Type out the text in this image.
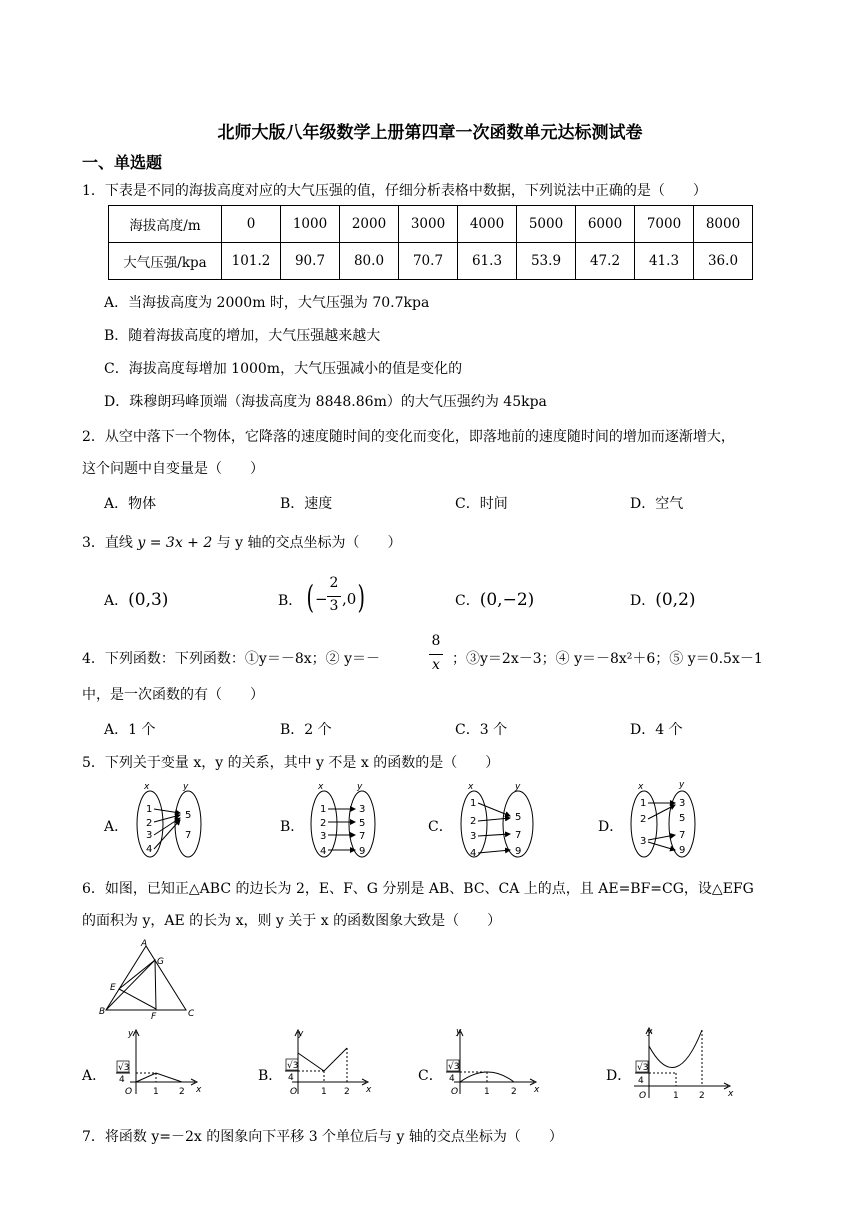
北师大版八年级数学上册第四章一次函数单元达标测试卷
一、单选题
1．下表是不同的海拔高度对应的大气压强的值，仔细分析表格中数据，下列说法中正确的是（　　）
海拔高度/m	0	1000	2000	3000	4000	5000	6000	7000	8000
大气压强/kpa	101.2	90.7	80.0	70.7	61.3	53.9	47.2	41.3	36.0
A．当海拔高度为 2000m 时，大气压强为 70.7kpa
B．随着海拔高度的增加，大气压强越来越大
C．海拔高度每增加 1000m，大气压强减小的值是变化的
D．珠穆朗玛峰顶端（海拔高度为 8848.86m）的大气压强约为 45kpa
2．从空中落下一个物体，它降落的速度随时间的变化而变化，即落地前的速度随时间的增加而逐渐增大，
这个问题中自变量是（　　）
A．物体	B．速度	C．时间	D．空气
3．直线 y = 3x + 2 与 y 轴的交点坐标为（　　）
A．(0,3)	B． ( −
2
3 ,0 )	C．(0,−2)	D．(0,2)
4．下列函数：下列函数：①y＝－8x；② y＝－
8
x ；③y＝2x－3；④ y＝－8x²＋6；⑤ y＝0.5x－1
中，是一次函数的有（　　）
A．1 个	B．2 个	C．3 个	D．4 个
5．下列关于变量 x，y 的关系，其中 y 不是 x 的函数的是（　　）
A．
x	y
1
2
3
4
5
7
B．
x	y
1
2
3
4
3
5
7
9
C．
x	y
1
2
3
4
5
7
9
D．
x	y
1
2
3
3
5
7
9
6．如图，已知正△ABC 的边长为 2，E、F、G 分别是 AB、BC、CA 上的点，且 AE=BF=CG，设△EFG
的面积为 y，AE 的长为 x，则 y 关于 x 的函数图象大致是（　　）
A
B	C
E
F
G
A．
y
x
√3
4
O 1 2
B．
y
x
√3
4
O	1 2
C．
y
x
√3
4
O	1 2
D．
y
x
√3
4
O	1 2
7．将函数 y=－2x 的图象向下平移 3 个单位后与 y 轴的交点坐标为（　　）
